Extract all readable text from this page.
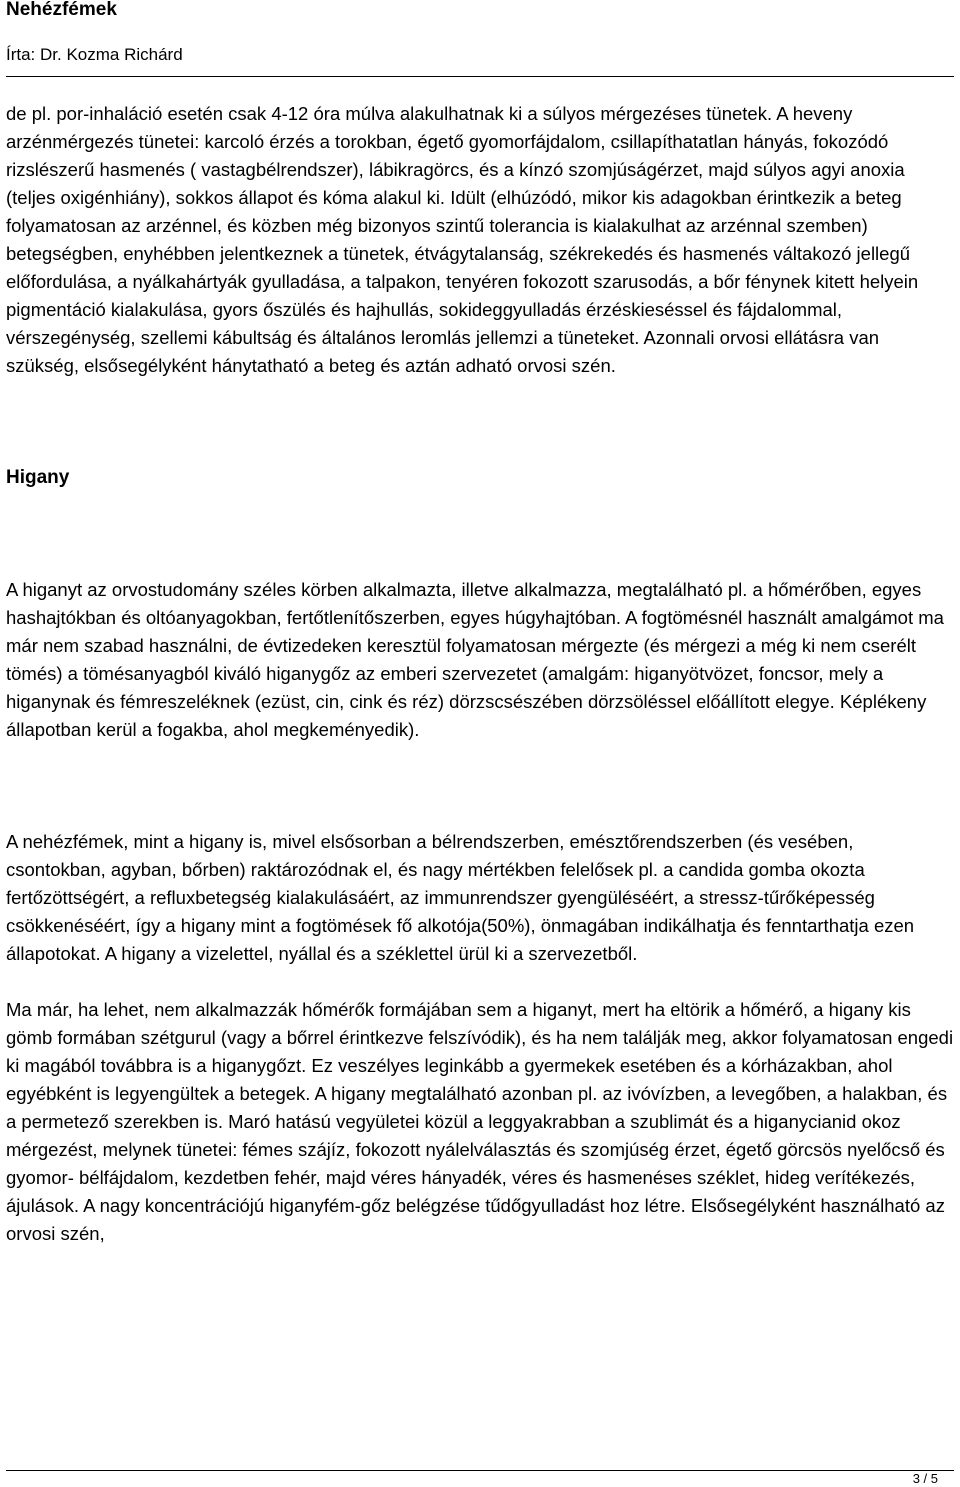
Nehézfémek
Írta: Dr. Kozma Richárd

de pl. por-inhaláció esetén csak 4-12 óra múlva alakulhatnak ki a súlyos mérgezéses tünetek. A heveny arzénmérgezés tünetei: karcoló érzés a torokban, égető gyomorfájdalom, csillapíthatatlan hányás, fokozódó rizslészerű hasmenés ( vastagbélrendszer), lábikragörcs, és a kínzó szomjúságérzet, majd súlyos agyi anoxia (teljes oxigénhiány), sokkos állapot és kóma alakul ki. Idült (elhúzódó, mikor kis adagokban érintkezik a beteg folyamatosan az arzénnel, és közben még bizonyos szintű tolerancia is kialakulhat az arzénnal szemben) betegségben, enyhébben jelentkeznek a tünetek, étvágytalanság, székrekedés és hasmenés váltakozó jellegű előfordulása, a nyálkahártyák gyulladása, a talpakon, tenyéren fokozott szarusodás, a bőr fénynek kitett helyein pigmentáció kialakulása, gyors őszülés és hajhullás, sokideggyulladás érzéskieséssel és fájdalommal, vérszegénység, szellemi kábultság és általános leromlás jellemzi a tüneteket. Azonnali orvosi ellátásra van szükség, elsősegélyként hánytatható a beteg és aztán adható orvosi szén.

Higany

A higanyt az orvostudomány széles körben alkalmazta, illetve alkalmazza, megtalálható pl. a hőmérőben, egyes hashajtókban és oltóanyagokban, fertőtlenítőszerben, egyes húgyhajtóban. A fogtömésnél használt amalgámot ma már nem szabad használni, de évtizedeken keresztül folyamatosan mérgezte (és mérgezi a még ki nem cserélt tömés) a tömésanyagból kiváló higanygőz az emberi szervezetet (amalgám: higanyötvözet, foncsor, mely a higanynak és fémreszeléknek (ezüst, cin, cink és réz) dörzscsészében dörzsöléssel előállított elegye. Képlékeny állapotban kerül a fogakba, ahol megkeményedik).

A nehézfémek, mint a higany is, mivel elsősorban a bélrendszerben, emésztőrendszerben (és vesében, csontokban, agyban, bőrben) raktározódnak el, és nagy mértékben felelősek pl. a candida gomba okozta fertőzöttségért, a refluxbetegség kialakulásáért, az immunrendszer gyengüléséért, a stressz-tűrőképesség csökkenéséért, így a higany mint a fogtömések fő alkotója(50%), önmagában indikálhatja és fenntarthatja ezen állapotokat. A higany a vizelettel, nyállal és a széklettel ürül ki a szervezetből.

Ma már, ha lehet, nem alkalmazzák hőmérők formájában sem a higanyt, mert ha eltörik a hőmérő, a higany kis gömb formában szétgurul (vagy a bőrrel érintkezve felszívódik), és ha nem találják meg, akkor folyamatosan engedi ki magából továbbra is a higanygőzt. Ez veszélyes leginkább a gyermekek esetében és a kórházakban, ahol egyébként is legyengültek a betegek. A higany megtalálható azonban pl. az ivóvízben, a levegőben, a halakban, és a permetező szerekben is. Maró hatású vegyületei közül a leggyakrabban a szublimát és a higanycianid okoz mérgezést, melynek tünetei: fémes szájíz, fokozott nyálelválasztás és szomjúség érzet, égető görcsös nyelőcső és gyomor- bélfájdalom, kezdetben fehér, majd véres hányadék, véres és hasmenéses széklet, hideg verítékezés, ájulások. A nagy koncentrációjú higanyfém-gőz belégzése tűdőgyulladást hoz létre. Elsősegélyként használható az orvosi szén,

3 / 5
